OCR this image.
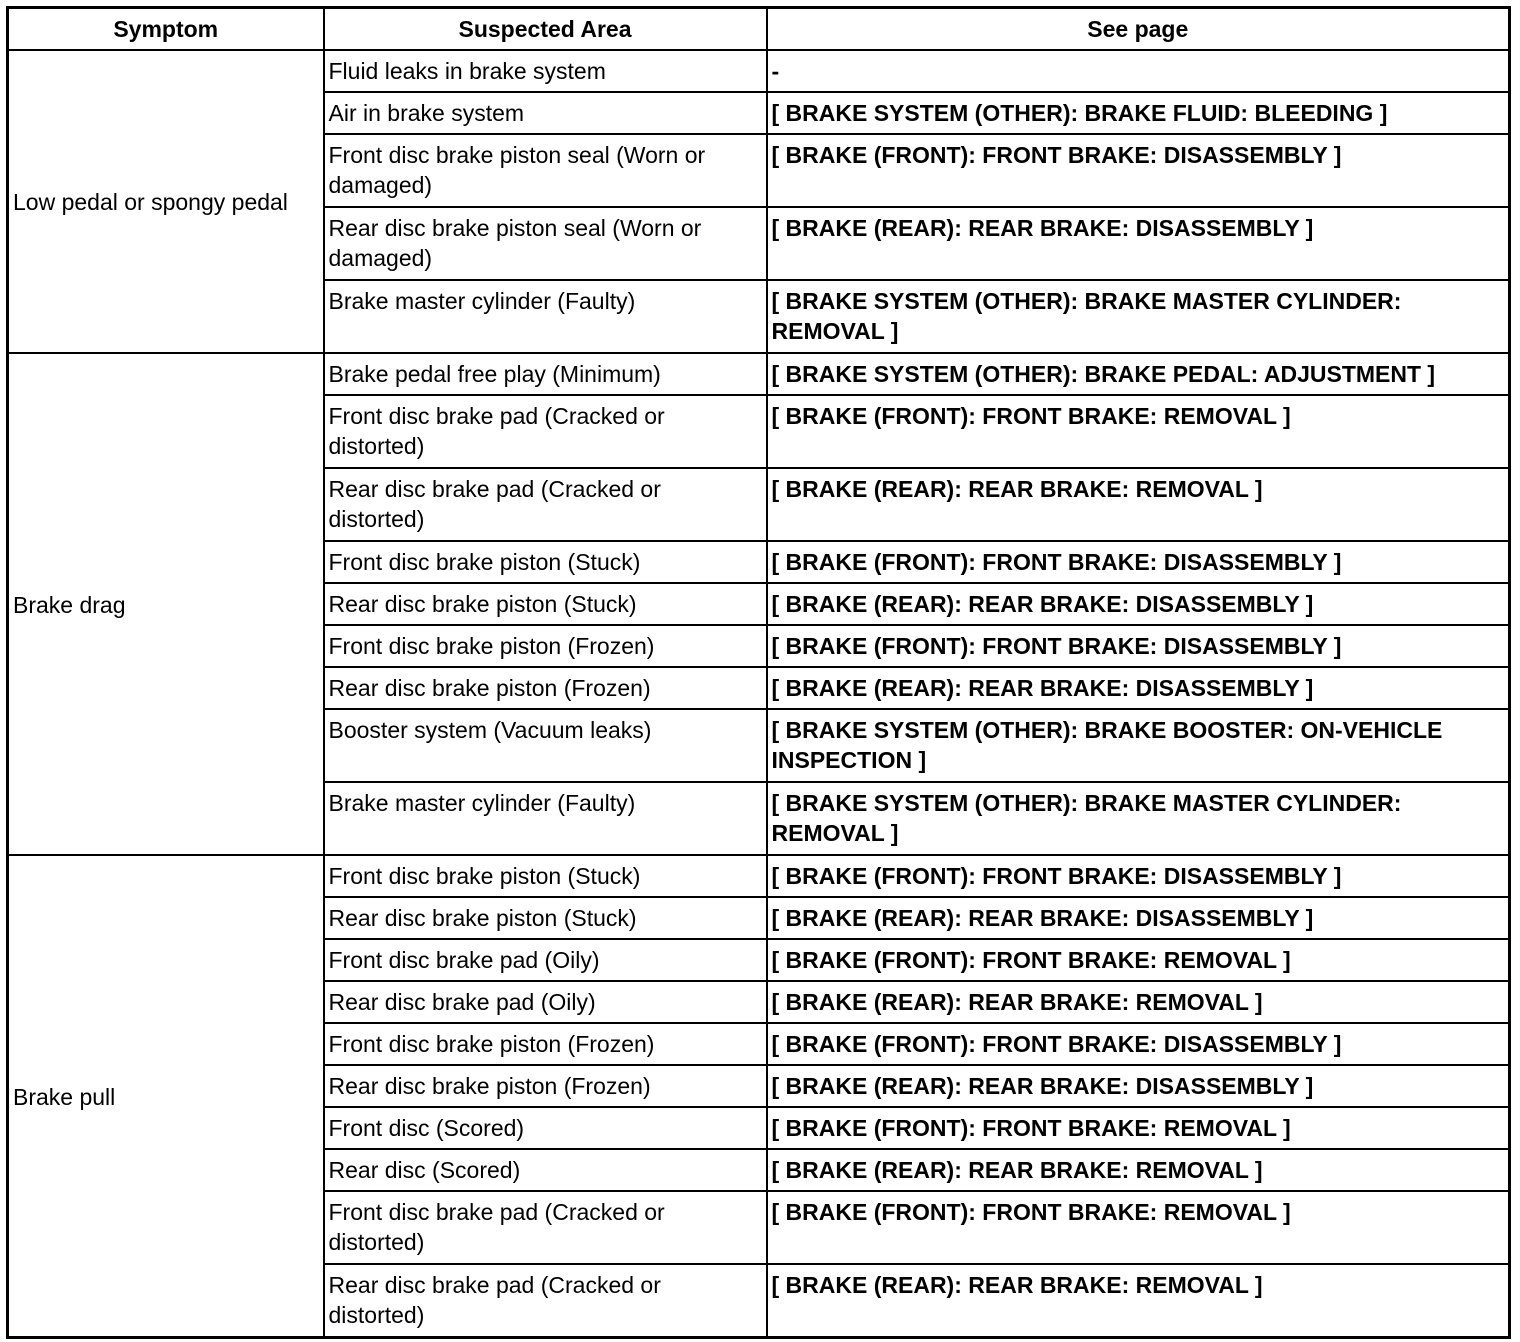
Symptom	Suspected Area	See page
Low pedal or spongy pedal	Fluid leaks in brake system	-
	Air in brake system	[ BRAKE SYSTEM (OTHER): BRAKE FLUID: BLEEDING ]
	Front disc brake piston seal (Worn or damaged)	[ BRAKE (FRONT): FRONT BRAKE: DISASSEMBLY ]
	Rear disc brake piston seal (Worn or damaged)	[ BRAKE (REAR): REAR BRAKE: DISASSEMBLY ]
	Brake master cylinder (Faulty)	[ BRAKE SYSTEM (OTHER): BRAKE MASTER CYLINDER: REMOVAL ]
Brake drag	Brake pedal free play (Minimum)	[ BRAKE SYSTEM (OTHER): BRAKE PEDAL: ADJUSTMENT ]
	Front disc brake pad (Cracked or distorted)	[ BRAKE (FRONT): FRONT BRAKE: REMOVAL ]
	Rear disc brake pad (Cracked or distorted)	[ BRAKE (REAR): REAR BRAKE: REMOVAL ]
	Front disc brake piston (Stuck)	[ BRAKE (FRONT): FRONT BRAKE: DISASSEMBLY ]
	Rear disc brake piston (Stuck)	[ BRAKE (REAR): REAR BRAKE: DISASSEMBLY ]
	Front disc brake piston (Frozen)	[ BRAKE (FRONT): FRONT BRAKE: DISASSEMBLY ]
	Rear disc brake piston (Frozen)	[ BRAKE (REAR): REAR BRAKE: DISASSEMBLY ]
	Booster system (Vacuum leaks)	[ BRAKE SYSTEM (OTHER): BRAKE BOOSTER: ON-VEHICLE INSPECTION ]
	Brake master cylinder (Faulty)	[ BRAKE SYSTEM (OTHER): BRAKE MASTER CYLINDER: REMOVAL ]
Brake pull	Front disc brake piston (Stuck)	[ BRAKE (FRONT): FRONT BRAKE: DISASSEMBLY ]
	Rear disc brake piston (Stuck)	[ BRAKE (REAR): REAR BRAKE: DISASSEMBLY ]
	Front disc brake pad (Oily)	[ BRAKE (FRONT): FRONT BRAKE: REMOVAL ]
	Rear disc brake pad (Oily)	[ BRAKE (REAR): REAR BRAKE: REMOVAL ]
	Front disc brake piston (Frozen)	[ BRAKE (FRONT): FRONT BRAKE: DISASSEMBLY ]
	Rear disc brake piston (Frozen)	[ BRAKE (REAR): REAR BRAKE: DISASSEMBLY ]
	Front disc (Scored)	[ BRAKE (FRONT): FRONT BRAKE: REMOVAL ]
	Rear disc (Scored)	[ BRAKE (REAR): REAR BRAKE: REMOVAL ]
	Front disc brake pad (Cracked or distorted)	[ BRAKE (FRONT): FRONT BRAKE: REMOVAL ]
	Rear disc brake pad (Cracked or distorted)	[ BRAKE (REAR): REAR BRAKE: REMOVAL ]
